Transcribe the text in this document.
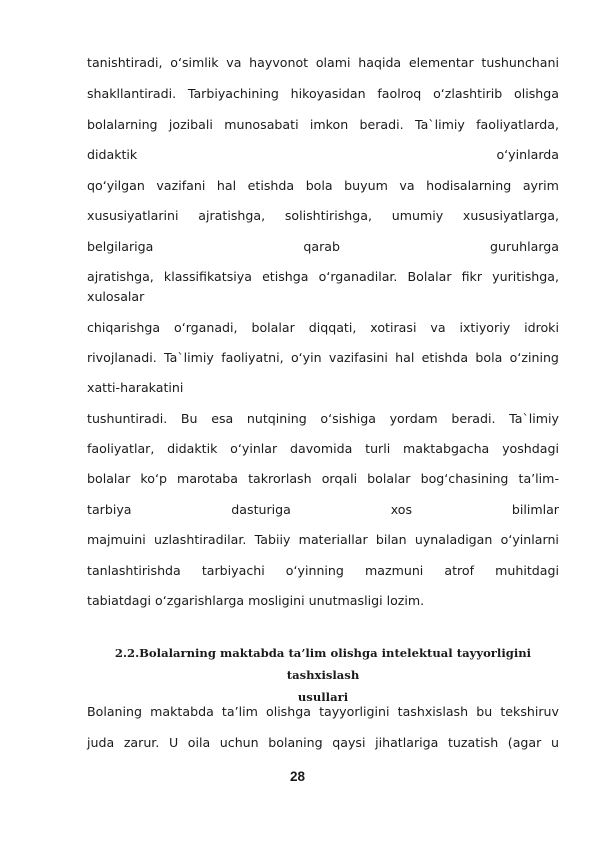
tanishtiradi, o‘simlik va hayvonot olami haqida elementar tushunchani
shakllantiradi. Tarbiyachining hikoyasidan faolroq o‘zlashtirib olishga
bolalarning jozibali munosabati imkon beradi. Ta`limiy faoliyatlarda,
didaktik	o‘yinlarda
qo‘yilgan vazifani hal etishda bola buyum va hodisalarning ayrim
xususiyatlarini ajratishga, solishtirishga, umumiy xususiyatlarga,
belgilariga	qarab	guruhlarga
ajratishga, klassifikatsiya etishga o‘rganadilar. Bolalar fikr yuritishga,
xulosalar
chiqarishga o‘rganadi, bolalar diqqati, xotirasi va ixtiyoriy idroki
rivojlanadi. Ta`limiy faoliyatni, o‘yin vazifasini hal etishda bola o‘zining
xatti-harakatini
tushuntiradi. Bu esa nutqining o‘sishiga yordam beradi. Ta`limiy
faoliyatlar, didaktik o‘yinlar davomida turli maktabgacha yoshdagi
bolalar ko‘p marotaba takrorlash orqali bolalar bog‘chasining ta’lim-
tarbiya	dasturiga	xos	bilimlar
majmuini uzlashtiradilar. Tabiiy materiallar bilan uynaladigan o‘yinlarni
tanlashtirishda tarbiyachi o‘yinning mazmuni atrof muhitdagi
tabiatdagi o‘zgarishlarga mosligini unutmasligi lozim.
2.2.Bolalarning maktabda ta’lim olishga intelektual tayyorligini tashxislash
usullari
Bolaning maktabda ta’lim olishga tayyorligini tashxislash bu tekshiruv
juda zarur. U oila uchun bolaning qaysi jihatlariga tuzatish (agar u
28
